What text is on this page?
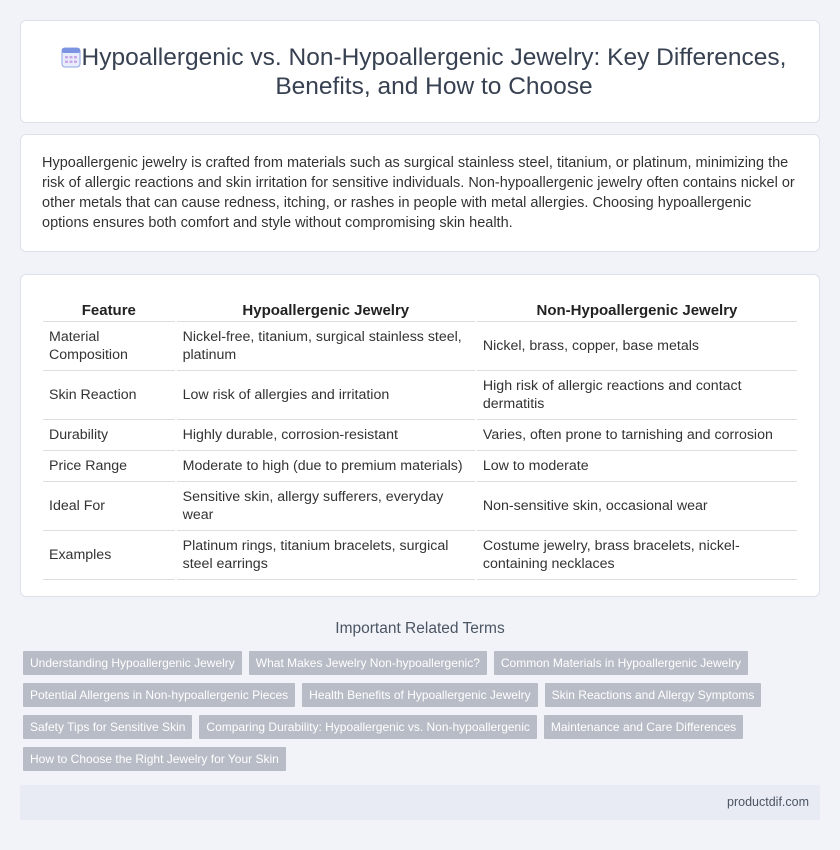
Hypoallergenic vs. Non-Hypoallergenic Jewelry: Key Differences, Benefits, and How to Choose

Hypoallergenic jewelry is crafted from materials such as surgical stainless steel, titanium, or platinum, minimizing the risk of allergic reactions and skin irritation for sensitive individuals. Non-hypoallergenic jewelry often contains nickel or other metals that can cause redness, itching, or rashes in people with metal allergies. Choosing hypoallergenic options ensures both comfort and style without compromising skin health.

Feature	Hypoallergenic Jewelry	Non-Hypoallergenic Jewelry
Material Composition	Nickel-free, titanium, surgical stainless steel, platinum	Nickel, brass, copper, base metals
Skin Reaction	Low risk of allergies and irritation	High risk of allergic reactions and contact dermatitis
Durability	Highly durable, corrosion-resistant	Varies, often prone to tarnishing and corrosion
Price Range	Moderate to high (due to premium materials)	Low to moderate
Ideal For	Sensitive skin, allergy sufferers, everyday wear	Non-sensitive skin, occasional wear
Examples	Platinum rings, titanium bracelets, surgical steel earrings	Costume jewelry, brass bracelets, nickel-containing necklaces
Important Related Terms
Understanding Hypoallergenic Jewelry	What Makes Jewelry Non-hypoallergenic?	Common Materials in Hypoallergenic Jewelry
Potential Allergens in Non-hypoallergenic Pieces	Health Benefits of Hypoallergenic Jewelry	Skin Reactions and Allergy Symptoms
Safety Tips for Sensitive Skin	Comparing Durability: Hypoallergenic vs. Non-hypoallergenic	Maintenance and Care Differences
How to Choose the Right Jewelry for Your Skin
productdif.com
